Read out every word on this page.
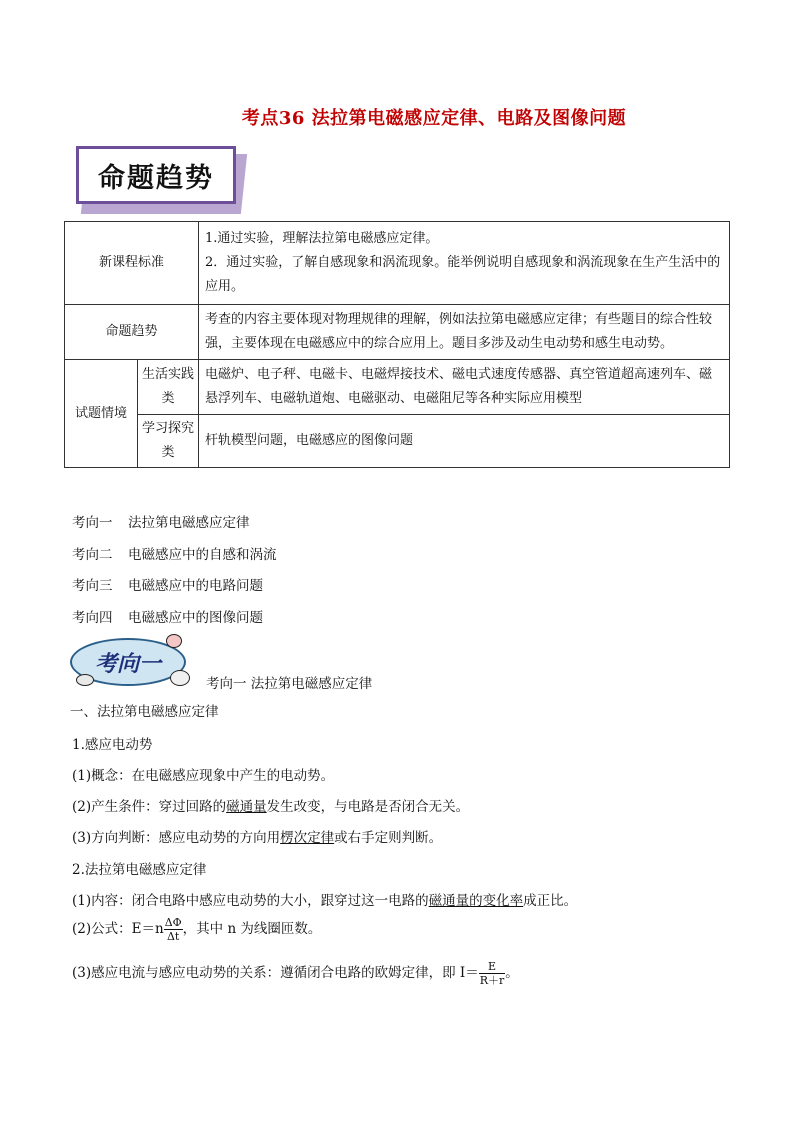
考点36 法拉第电磁感应定律、电路及图像问题
命题趋势
新课程标准		1.通过实验，理解法拉第电磁感应定律。
2．通过实验，了解自感现象和涡流现象。能举例说明自感现象和涡流现象在生产生活中的应用。

命题趋势		考查的内容主要体现对物理规律的理解，例如法拉第电磁感应定律；有些题目的综合性较强，主要体现在电磁感应中的综合应用上。题目多涉及动生电动势和感生电动势。
试题情境	生活实践类	电磁炉、电子秤、电磁卡、电磁焊接技术、磁电式速度传感器、真空管道超高速列车、磁悬浮列车、电磁轨道炮、电磁驱动、电磁阻尼等各种实际应用模型
	学习探究类	杆轨模型问题，电磁感应的图像问题
考向一 法拉第电磁感应定律
考向二 电磁感应中的自感和涡流
考向三 电磁感应中的电路问题
考向四 电磁感应中的图像问题
考向一
考向一 法拉第电磁感应定律
一、法拉第电磁感应定律
1.感应电动势
(1)概念：在电磁感应现象中产生的电动势。
(2)产生条件：穿过回路的磁通量发生改变，与电路是否闭合无关。
(3)方向判断：感应电动势的方向用楞次定律或右手定则判断。
2.法拉第电磁感应定律
(1)内容：闭合电路中感应电动势的大小，跟穿过这一电路的磁通量的变化率成正比。
(2)公式：$E=n \frac{\Delta\Phi}{\Delta t}$ ，其中 n 为线圈匝数。
(3)感应电流与感应电动势的关系：遵循闭合电路的欧姆定律，即 $I= \frac{E}{R+r}$ 。
